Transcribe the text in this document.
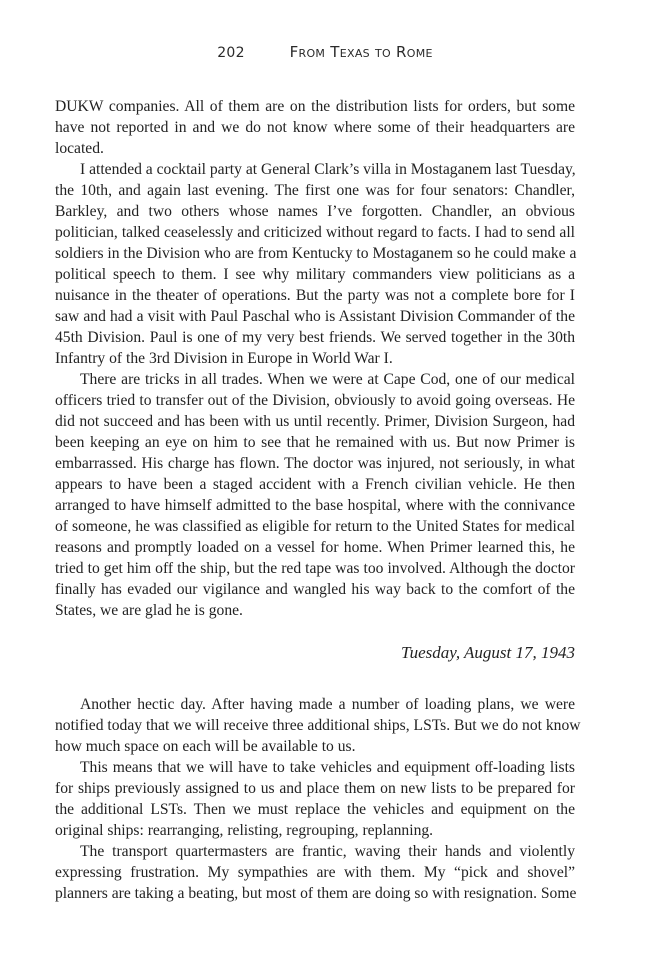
202	From Texas to Rome
DUKW companies. All of them are on the distribution lists for orders, but some
have not reported in and we do not know where some of their headquarters are
located.
I attended a cocktail party at General Clark’s villa in Mostaganem last Tuesday,
the 10th, and again last evening. The first one was for four senators: Chandler,
Barkley, and two others whose names I’ve forgotten. Chandler, an obvious
politician, talked ceaselessly and criticized without regard to facts. I had to send all
soldiers in the Division who are from Kentucky to Mostaganem so he could make a
political speech to them. I see why military commanders view politicians as a
nuisance in the theater of operations. But the party was not a complete bore for I
saw and had a visit with Paul Paschal who is Assistant Division Commander of the
45th Division. Paul is one of my very best friends. We served together in the 30th
Infantry of the 3rd Division in Europe in World War I.
There are tricks in all trades. When we were at Cape Cod, one of our medical
officers tried to transfer out of the Division, obviously to avoid going overseas. He
did not succeed and has been with us until recently. Primer, Division Surgeon, had
been keeping an eye on him to see that he remained with us. But now Primer is
embarrassed. His charge has flown. The doctor was injured, not seriously, in what
appears to have been a staged accident with a French civilian vehicle. He then
arranged to have himself admitted to the base hospital, where with the connivance
of someone, he was classified as eligible for return to the United States for medical
reasons and promptly loaded on a vessel for home. When Primer learned this, he
tried to get him off the ship, but the red tape was too involved. Although the doctor
finally has evaded our vigilance and wangled his way back to the comfort of the
States, we are glad he is gone.
Tuesday, August 17, 1943
Another hectic day. After having made a number of loading plans, we were
notified today that we will receive three additional ships, LSTs. But we do not know
how much space on each will be available to us.
This means that we will have to take vehicles and equipment off-loading lists
for ships previously assigned to us and place them on new lists to be prepared for
the additional LSTs. Then we must replace the vehicles and equipment on the
original ships: rearranging, relisting, regrouping, replanning.
The transport quartermasters are frantic, waving their hands and violently
expressing frustration. My sympathies are with them. My “pick and shovel”
planners are taking a beating, but most of them are doing so with resignation. Some
